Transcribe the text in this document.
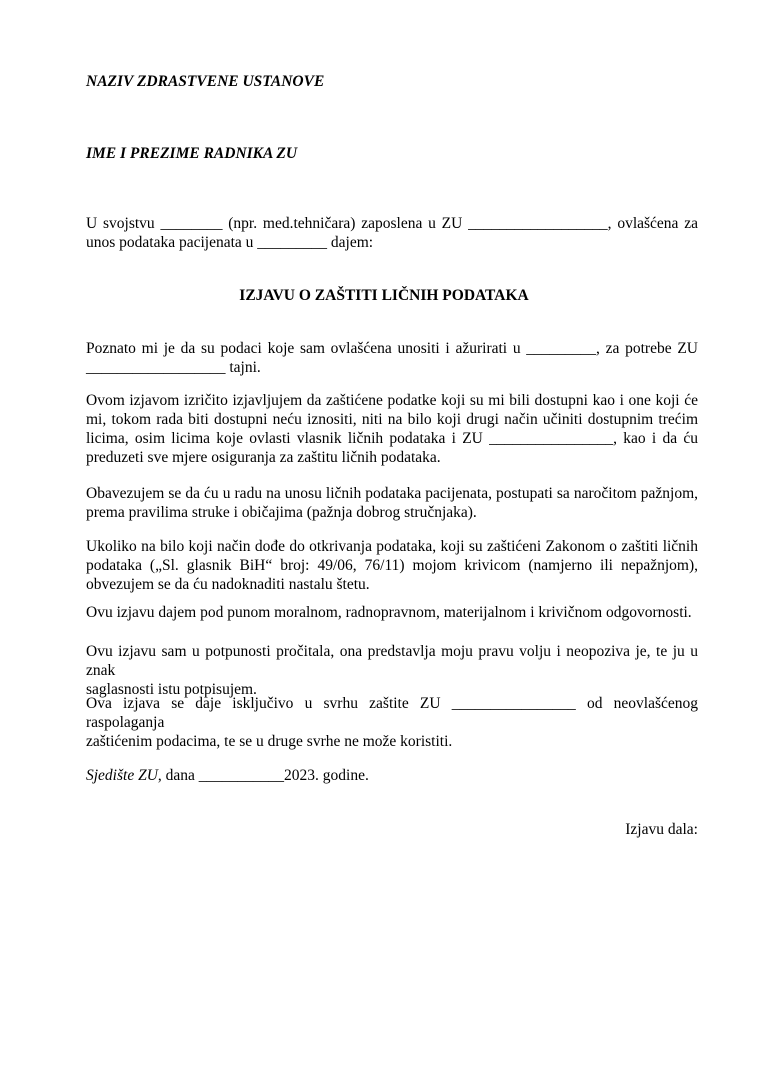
NAZIV ZDRASTVENE USTANOVE
IME I PREZIME RADNIKA ZU
U svojstvu ________ (npr. med.tehničara) zaposlena u ZU __________________, ovlašćena za
unos podataka pacijenata u _________ dajem:
IZJAVU O ZAŠTITI LIČNIH PODATAKA
Poznato mi je da su podaci koje sam ovlašćena unositi i ažurirati u _________, za potrebe ZU
__________________ tajni.
Ovom izjavom izričito izjavljujem da zaštićene podatke koji su mi bili dostupni kao i one koji će
mi, tokom rada biti dostupni neću iznositi, niti na bilo koji drugi način učiniti dostupnim trećim
licima, osim licima koje ovlasti vlasnik ličnih podataka i ZU ________________, kao i da ću
preduzeti sve mjere osiguranja za zaštitu ličnih podataka.
Obavezujem se da ću u radu na unosu ličnih podataka pacijenata, postupati sa naročitom pažnjom,
prema pravilima struke i običajima (pažnja dobrog stručnjaka).
Ukoliko na bilo koji način dođe do otkrivanja podataka, koji su zaštićeni Zakonom o zaštiti ličnih
podataka („Sl. glasnik BiH“ broj: 49/06, 76/11) mojom krivicom (namjerno ili nepažnjom),
obvezujem se da ću nadoknaditi nastalu štetu.
Ovu izjavu dajem pod punom moralnom, radnopravnom, materijalnom i krivičnom odgovornosti.
Ovu izjavu sam u potpunosti pročitala, ona predstavlja moju pravu volju i neopoziva je, te ju u znak
saglasnosti istu potpisujem.
Ova izjava se daje isključivo u svrhu zaštite ZU ________________ od neovlašćenog raspolaganja
zaštićenim podacima, te se u druge svrhe ne može koristiti.
Sjedište ZU, dana ___________2023. godine.
Izjavu dala:
